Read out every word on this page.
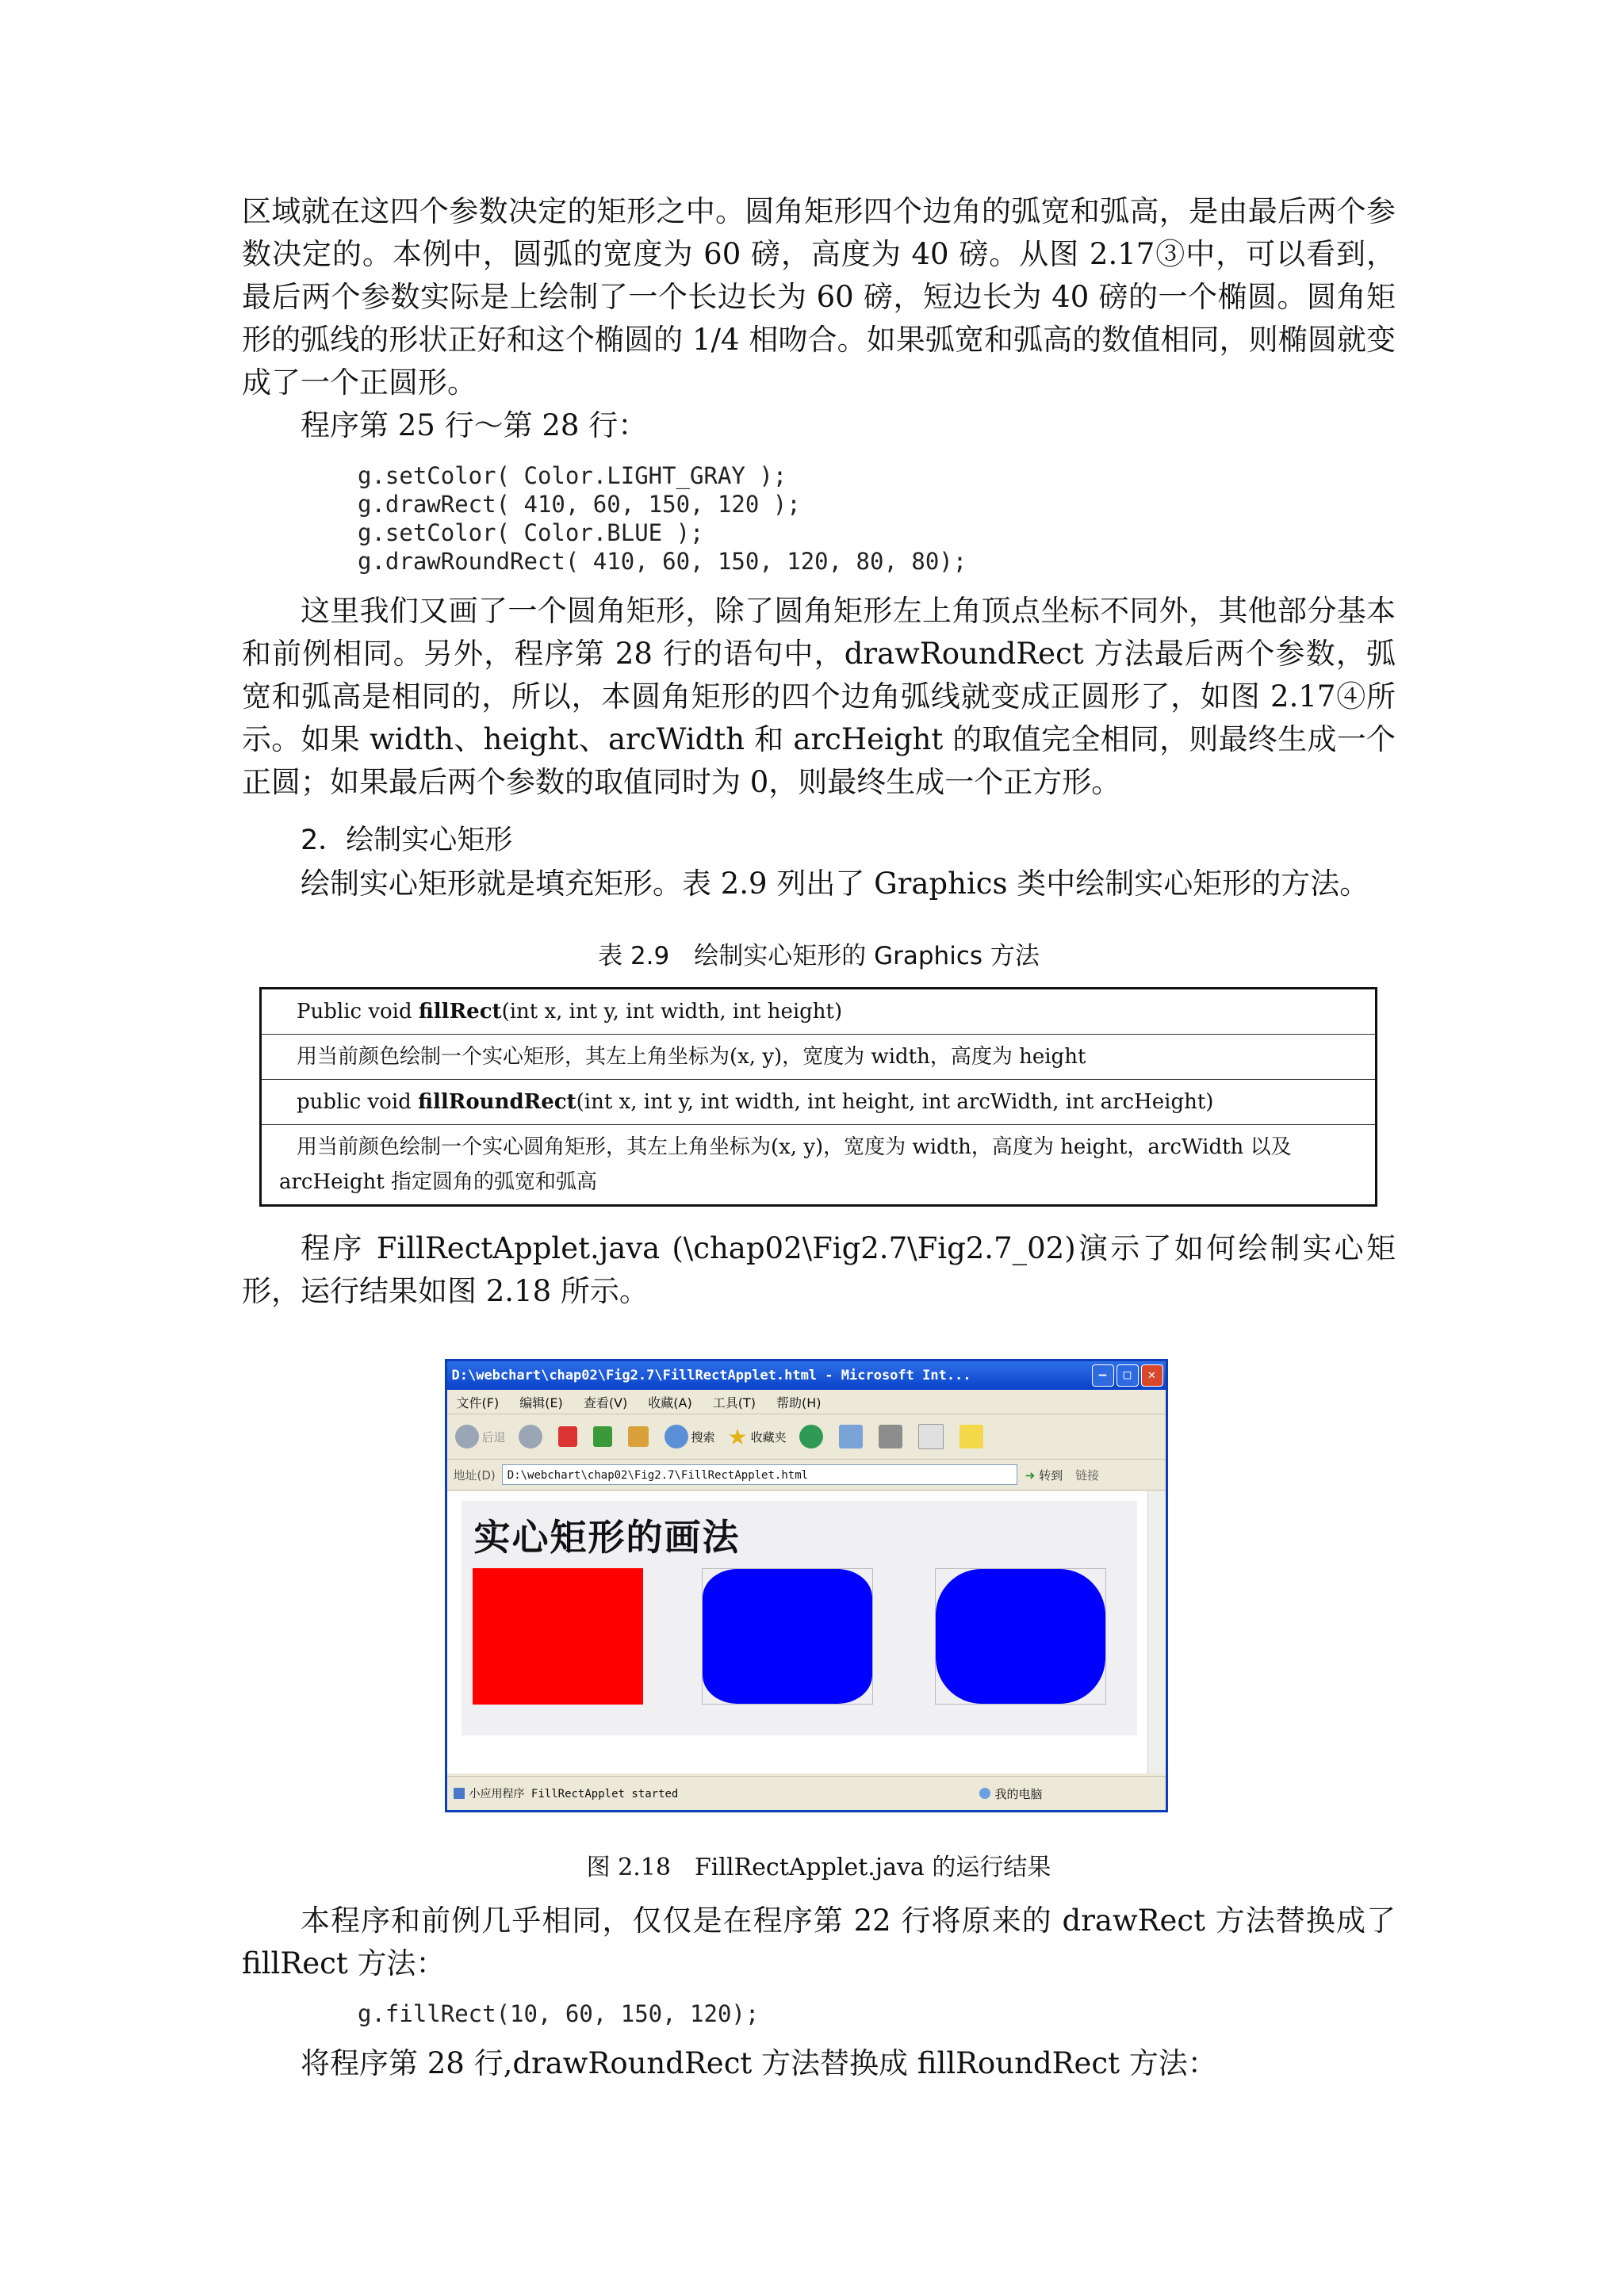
区域就在这四个参数决定的矩形之中。圆角矩形四个边角的弧宽和弧高，是由最后两个参数决定的。本例中，圆弧的宽度为 60 磅，高度为 40 磅。从图 2.17③中，可以看到，最后两个参数实际是上绘制了一个长边长为 60 磅，短边长为 40 磅的一个椭圆。圆角矩形的弧线的形状正好和这个椭圆的 1/4 相吻合。如果弧宽和弧高的数值相同，则椭圆就变成了一个正圆形。

程序第 25 行～第 28 行：

g.setColor( Color.LIGHT_GRAY );
g.drawRect( 410, 60, 150, 120 );
g.setColor( Color.BLUE );
g.drawRoundRect( 410, 60, 150, 120, 80, 80);

这里我们又画了一个圆角矩形，除了圆角矩形左上角顶点坐标不同外，其他部分基本和前例相同。另外，程序第 28 行的语句中，drawRoundRect 方法最后两个参数，弧宽和弧高是相同的，所以，本圆角矩形的四个边角弧线就变成正圆形了，如图 2.17④所示。如果 width、height、arcWidth 和 arcHeight 的取值完全相同，则最终生成一个正圆；如果最后两个参数的取值同时为 0，则最终生成一个正方形。

2．绘制实心矩形

绘制实心矩形就是填充矩形。表 2.9 列出了 Graphics 类中绘制实心矩形的方法。

表 2.9　绘制实心矩形的 Graphics 方法
Public void fillRect(int x, int y, int width, int height)
用当前颜色绘制一个实心矩形，其左上角坐标为(x, y)，宽度为 width，高度为 height
public void fillRoundRect(int x, int y, int width, int height, int arcWidth, int arcHeight)
用当前颜色绘制一个实心圆角矩形，其左上角坐标为(x, y)，宽度为 width，高度为 height，arcWidth 以及 arcHeight 指定圆角的弧宽和弧高

程序 FillRectApplet.java (\chap02\Fig2.7\Fig2.7_02)演示了如何绘制实心矩形，运行结果如图 2.18 所示。

D:\webchart\chap02\Fig2.7\FillRectApplet.html - Microsoft Int...	–	□	✕
文件(F) 编辑(E) 查看(V) 收藏(A) 工具(T) 帮助(H)
后退	搜索 ★ 收藏夹
地址(D)	D:\webchart\chap02\Fig2.7\FillRectApplet.html	➜ 转到 链接
实心矩形的画法
小应用程序 FillRectApplet started	我的电脑
图 2.18　FillRectApplet.java 的运行结果

本程序和前例几乎相同，仅仅是在程序第 22 行将原来的 drawRect 方法替换成了 fillRect 方法：

g.fillRect(10, 60, 150, 120);

将程序第 28 行,drawRoundRect 方法替换成 fillRoundRect 方法：
